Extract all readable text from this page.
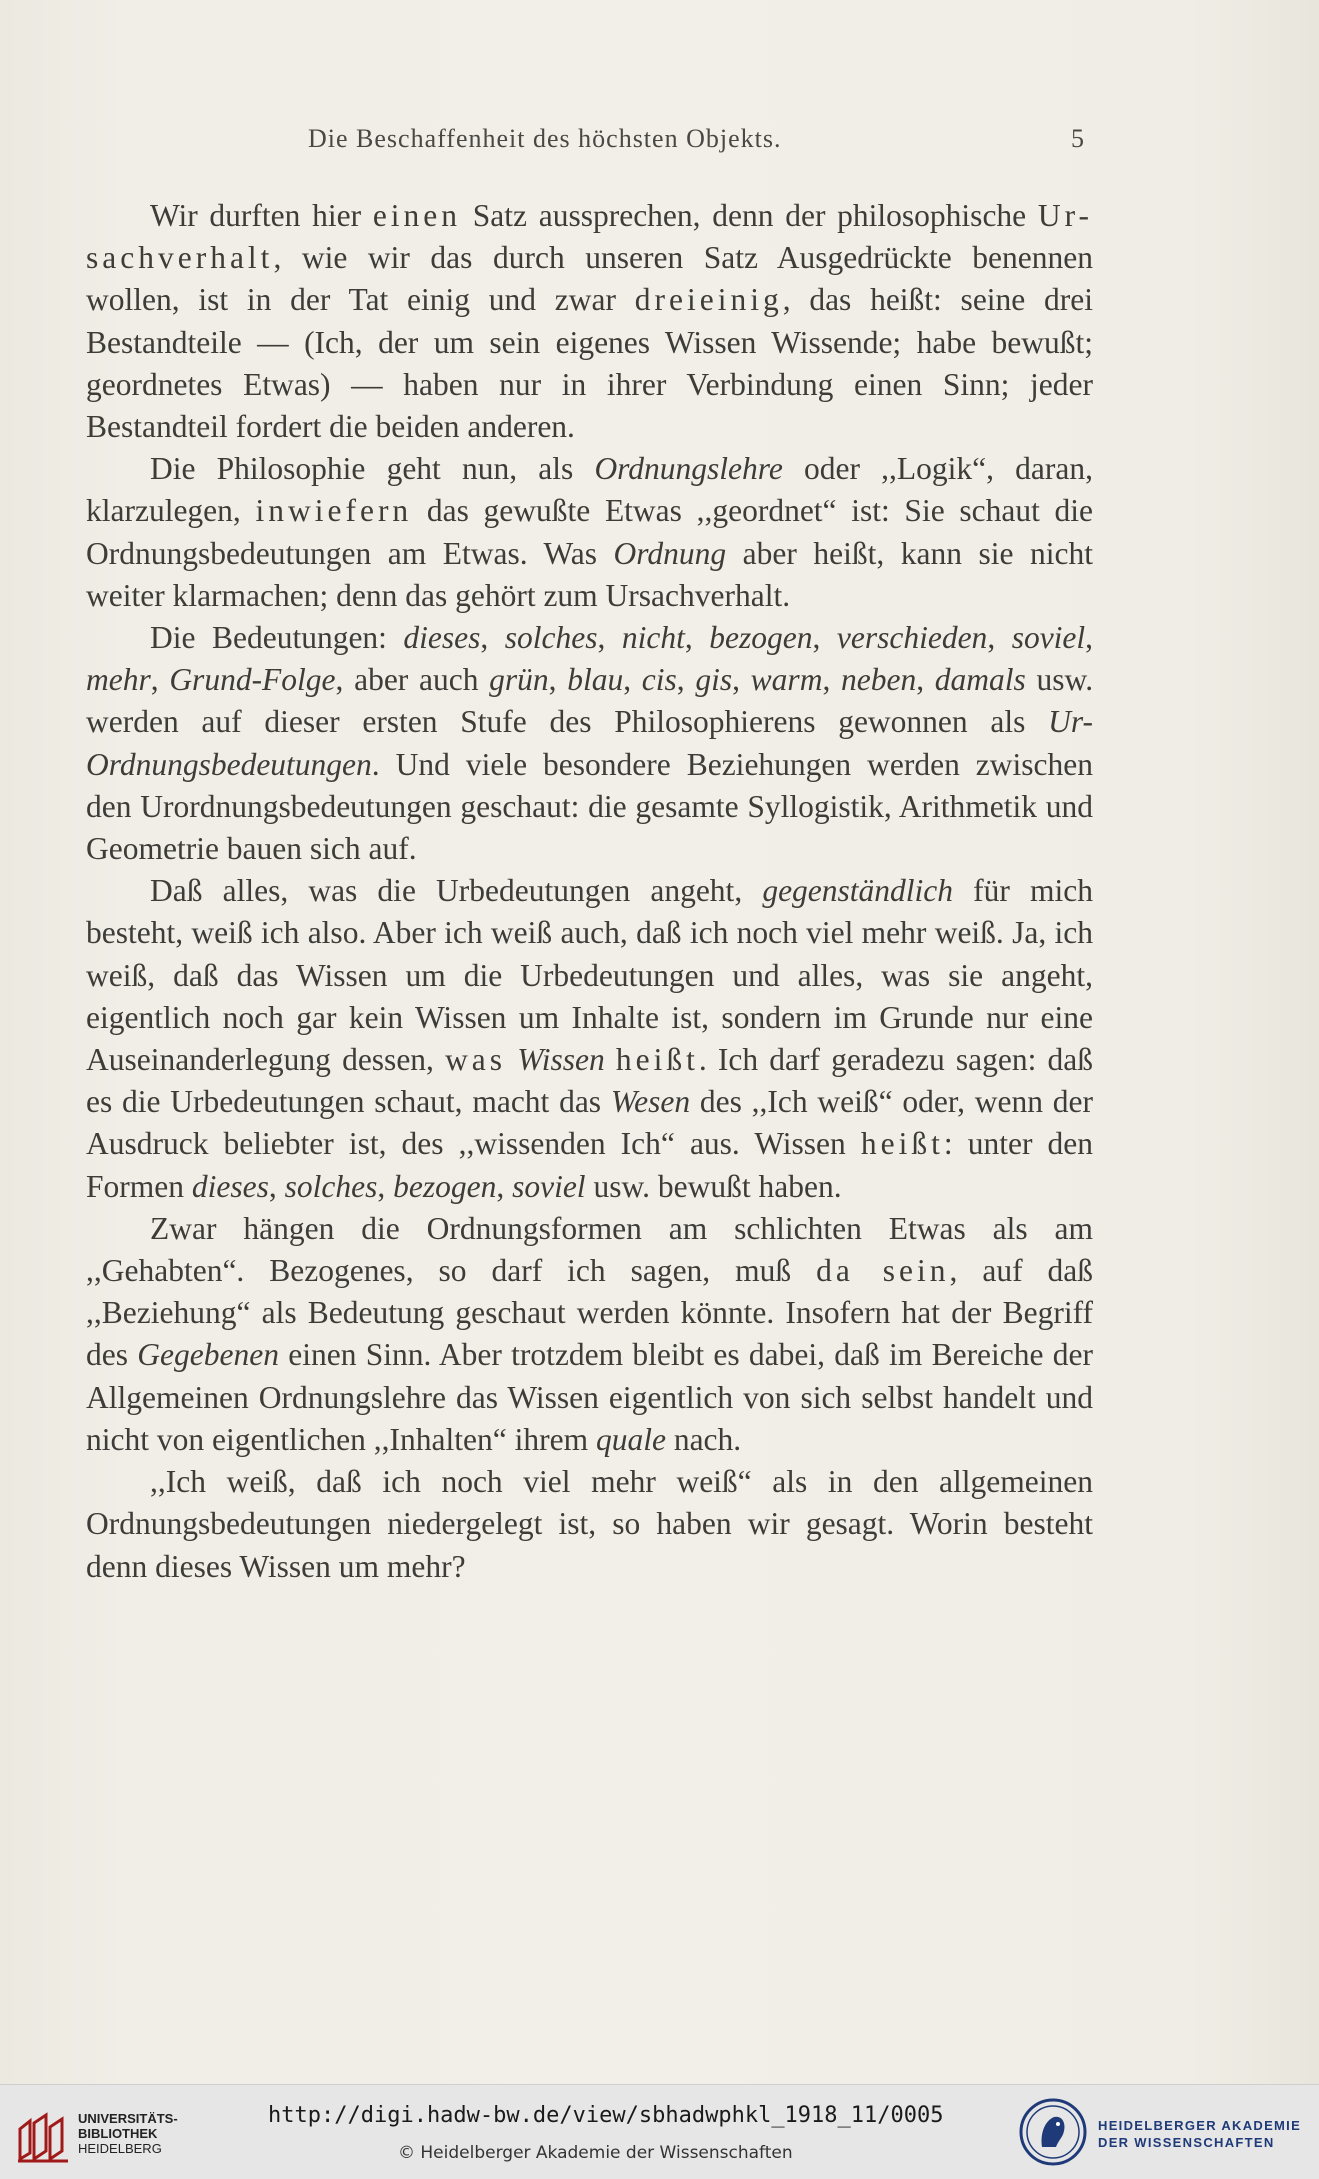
Die Beschaffenheit des höchsten Objekts.	5

Wir durften hier einen Satz aussprechen, denn der philosophische Ur-sachverhalt, wie wir das durch unseren Satz Ausgedrückte benennen wollen, ist in der Tat einig und zwar dreieinig, das heißt: seine drei Bestandteile — (Ich, der um sein eigenes Wissen Wissende; habe bewußt; geordnetes Etwas) — haben nur in ihrer Verbindung einen Sinn; jeder Bestandteil fordert die beiden anderen.

Die Philosophie geht nun, als Ordnungslehre oder ,,Logik“, daran, klarzulegen, inwiefern das gewußte Etwas ,,geordnet“ ist: Sie schaut die Ordnungsbedeutungen am Etwas. Was Ordnung aber heißt, kann sie nicht weiter klarmachen; denn das gehört zum Ursachverhalt.

Die Bedeutungen: dieses, solches, nicht, bezogen, verschieden, soviel, mehr, Grund-Folge, aber auch grün, blau, cis, gis, warm, neben, damals usw. werden auf dieser ersten Stufe des Philosophierens gewonnen als Ur-Ordnungsbedeutungen. Und viele besondere Beziehungen werden zwischen den Urordnungsbedeutungen geschaut: die gesamte Syllogistik, Arithmetik und Geometrie bauen sich auf.

Daß alles, was die Urbedeutungen angeht, gegenständlich für mich besteht, weiß ich also. Aber ich weiß auch, daß ich noch viel mehr weiß. Ja, ich weiß, daß das Wissen um die Urbedeutungen und alles, was sie angeht, eigentlich noch gar kein Wissen um Inhalte ist, sondern im Grunde nur eine Auseinanderlegung dessen, was Wissen heißt. Ich darf geradezu sagen: daß es die Urbedeutungen schaut, macht das Wesen des ,,Ich weiß“ oder, wenn der Ausdruck beliebter ist, des ,,wissenden Ich“ aus. Wissen heißt: unter den Formen dieses, solches, bezogen, soviel usw. bewußt haben.

Zwar hängen die Ordnungsformen am schlichten Etwas als am ,,Gehabten“. Bezogenes, so darf ich sagen, muß da sein, auf daß ,,Beziehung“ als Bedeutung geschaut werden könnte. Insofern hat der Begriff des Gegebenen einen Sinn. Aber trotzdem bleibt es dabei, daß im Bereiche der Allgemeinen Ordnungslehre das Wissen eigentlich von sich selbst handelt und nicht von eigentlichen ,,Inhalten“ ihrem quale nach.

,,Ich weiß, daß ich noch viel mehr weiß“ als in den allgemeinen Ordnungsbedeutungen niedergelegt ist, so haben wir gesagt. Worin besteht denn dieses Wissen um mehr?

UNIVERSITÄTS-
BIBLIOTHEK
HEIDELBERG
http://digi.hadw-bw.de/view/sbhadwphkl_1918_11/0005
© Heidelberger Akademie der Wissenschaften
HEIDELBERGER AKADEMIE
DER WISSENSCHAFTEN
